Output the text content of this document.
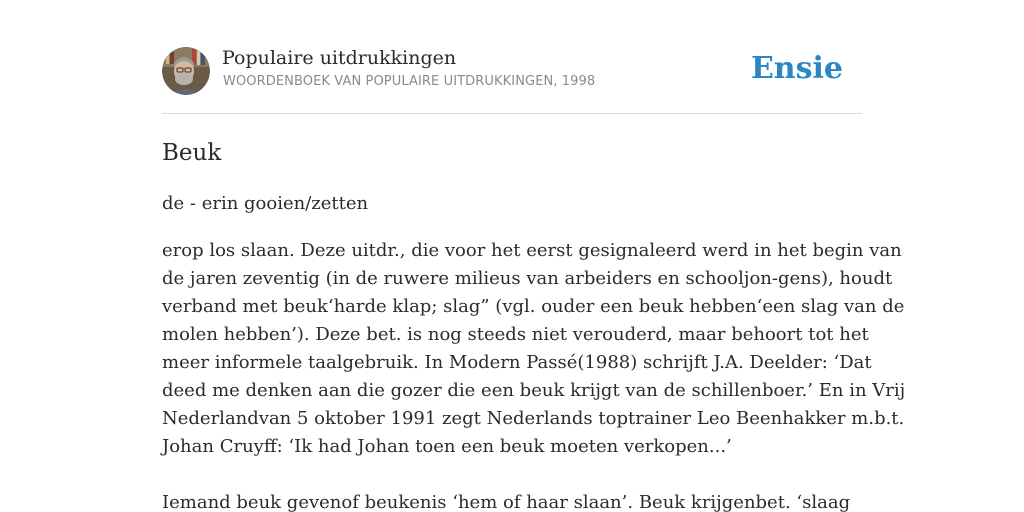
Populaire uitdrukkingen
WOORDENBOEK VAN POPULAIRE UITDRUKKINGEN, 1998	Ensie
Beuk
de - erin gooien/zetten

erop los slaan. Deze uitdr., die voor het eerst gesignaleerd werd in het begin van
de jaren zeventig (in de ruwere milieus van arbeiders en schooljon-gens), houdt
verband met beuk‘harde klap; slag” (vgl. ouder een beuk hebben‘een slag van de
molen hebben’). Deze bet. is nog steeds niet verouderd, maar behoort tot het
meer informele taalgebruik. In Modern Passé(1988) schrijft J.A. Deelder: ‘Dat
deed me denken aan die gozer die een beuk krijgt van de schillenboer.’ En in Vrij
Nederlandvan 5 oktober 1991 zegt Nederlands toptrainer Leo Beenhakker m.b.t.
Johan Cruyff: ‘Ik had Johan toen een beuk moeten verkopen...’

Iemand beuk gevenof beukenis ‘hem of haar slaan’. Beuk krijgenbet. ‘slaag
